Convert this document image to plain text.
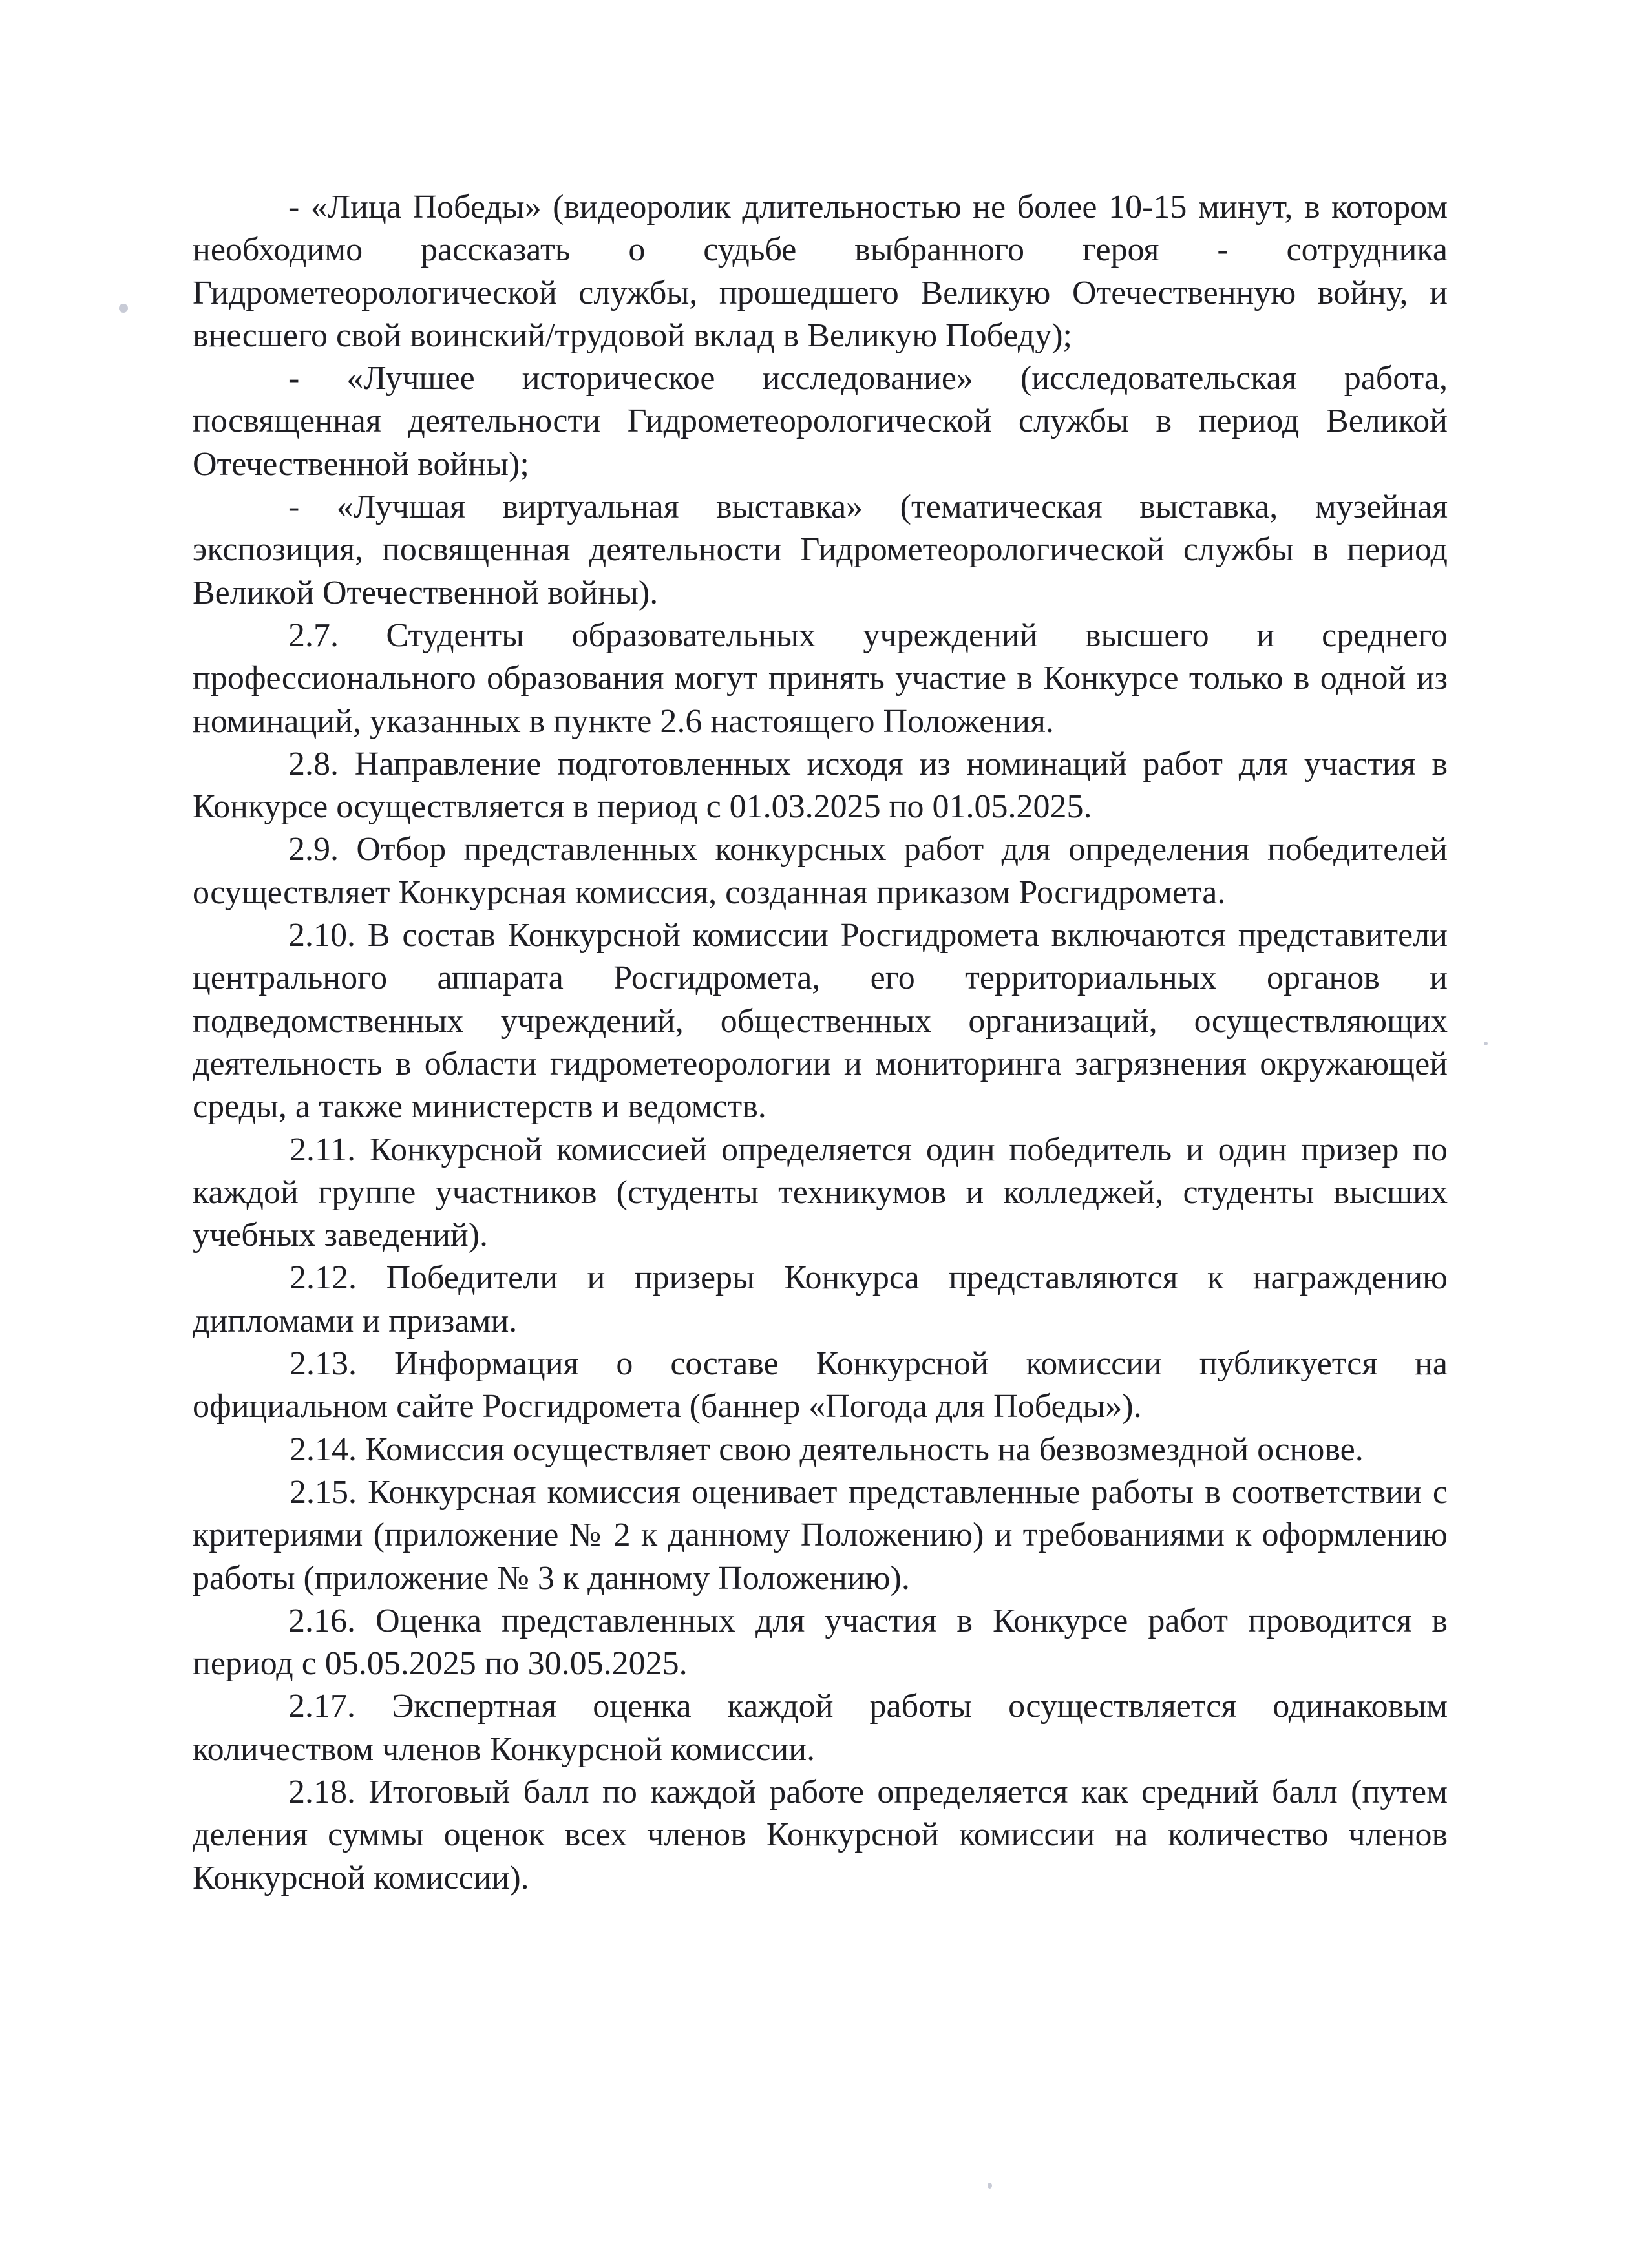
- «Лица Победы» (видеоролик длительностью не более 10-15 минут, в котором необходимо рассказать о судьбе выбранного героя - сотрудника Гидрометеорологической службы, прошедшего Великую Отечественную войну, и внесшего свой воинский/трудовой вклад в Великую Победу);

- «Лучшее историческое исследование» (исследовательская работа, посвященная деятельности Гидрометеорологической службы в период Великой Отечественной войны);

- «Лучшая виртуальная выставка» (тематическая выставка, музейная экспозиция, посвященная деятельности Гидрометеорологической службы в период Великой Отечественной войны).

2.7. Студенты образовательных учреждений высшего и среднего профессионального образования могут принять участие в Конкурсе только в одной из номинаций, указанных в пункте 2.6 настоящего Положения.

2.8. Направление подготовленных исходя из номинаций работ для участия в Конкурсе осуществляется в период с 01.03.2025 по 01.05.2025.

2.9. Отбор представленных конкурсных работ для определения победителей осуществляет Конкурсная комиссия, созданная приказом Росгидромета.

2.10. В состав Конкурсной комиссии Росгидромета включаются представители центрального аппарата Росгидромета, его территориальных органов и подведомственных учреждений, общественных организаций, осуществляющих деятельность в области гидрометеорологии и мониторинга загрязнения окружающей среды, а также министерств и ведомств.

2.11. Конкурсной комиссией определяется один победитель и один призер по каждой группе участников (студенты техникумов и колледжей, студенты высших учебных заведений).

2.12. Победители и призеры Конкурса представляются к награждению дипломами и призами.

2.13. Информация о составе Конкурсной комиссии публикуется на официальном сайте Росгидромета (баннер «Погода для Победы»).

2.14. Комиссия осуществляет свою деятельность на безвозмездной основе.

2.15. Конкурсная комиссия оценивает представленные работы в соответствии с критериями (приложение № 2 к данному Положению) и требованиями к оформлению работы (приложение № 3 к данному Положению).

2.16. Оценка представленных для участия в Конкурсе работ проводится в период с 05.05.2025 по 30.05.2025.

2.17. Экспертная оценка каждой работы осуществляется одинаковым количеством членов Конкурсной комиссии.

2.18. Итоговый балл по каждой работе определяется как средний балл (путем деления суммы оценок всех членов Конкурсной комиссии на количество членов Конкурсной комиссии).
